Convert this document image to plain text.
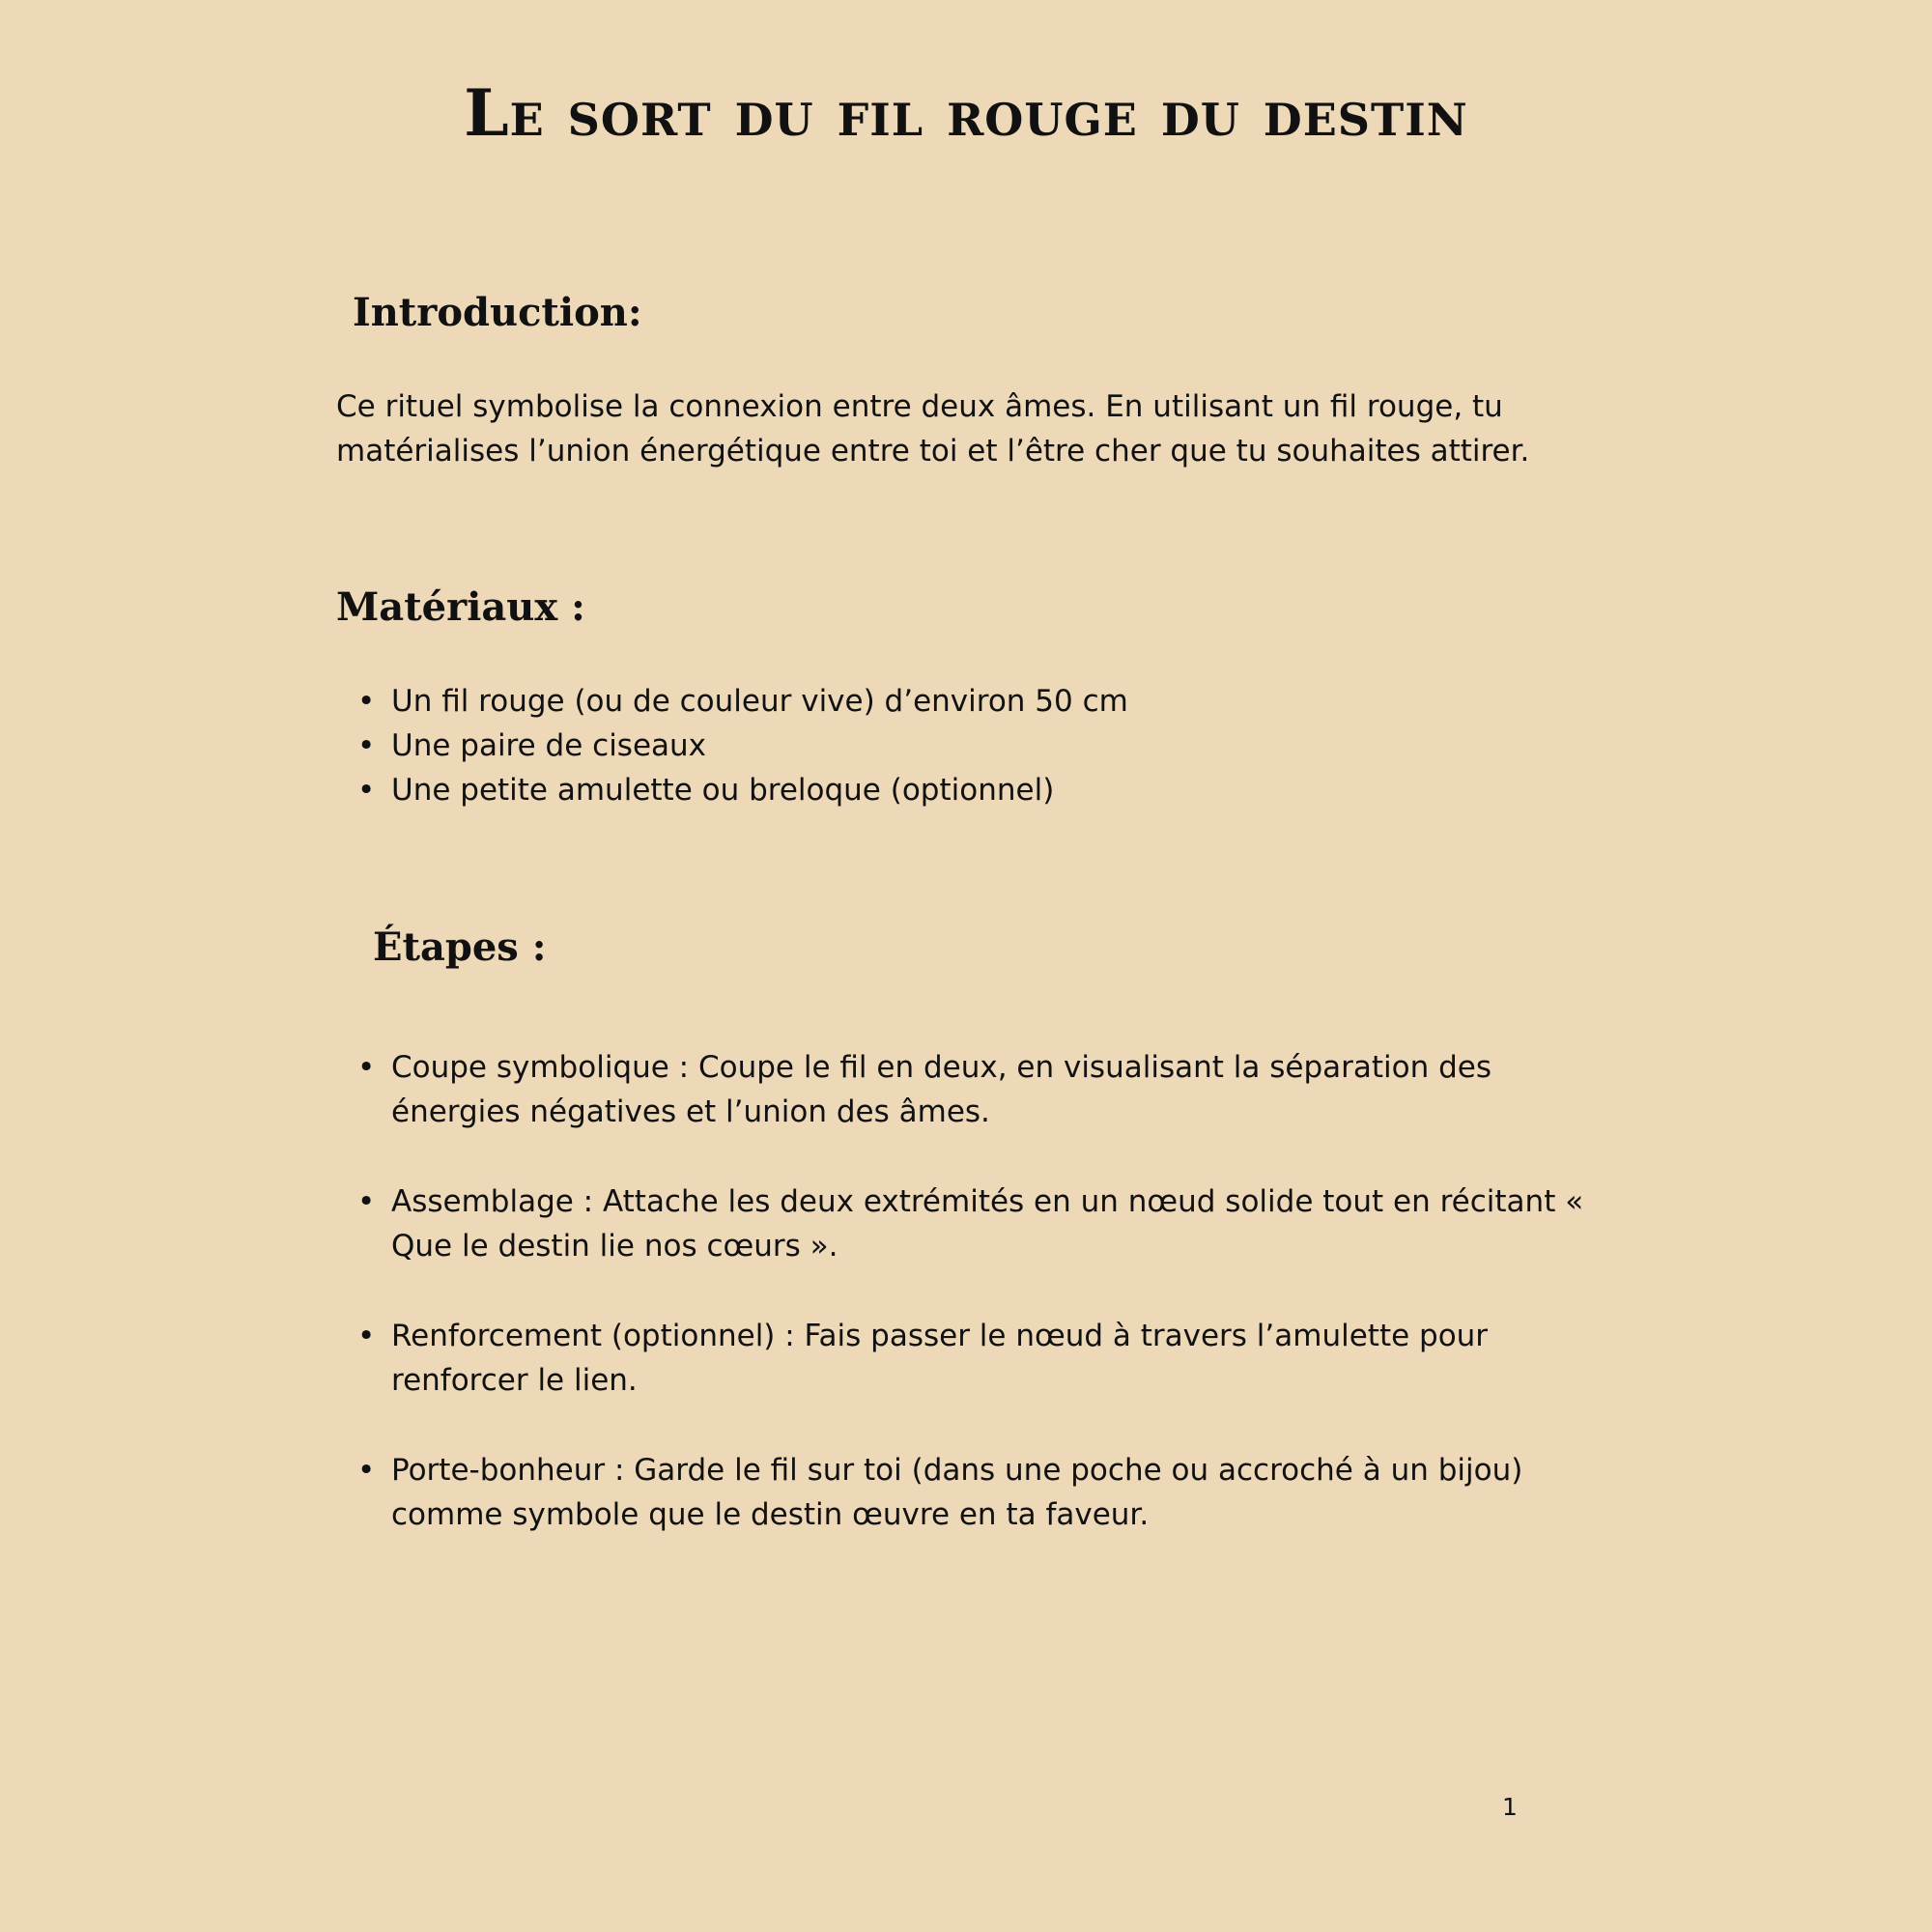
Le sort du fil rouge du destin
Introduction:

Ce rituel symbolise la connexion entre deux âmes. En utilisant un fil rouge, tu matérialises l’union énergétique entre toi et l’être cher que tu souhaites attirer.

Matériaux :
• Un fil rouge (ou de couleur vive) d’environ 50 cm
• Une paire de ciseaux
• Une petite amulette ou breloque (optionnel)
Étapes :
• Coupe symbolique : Coupe le fil en deux, en visualisant la séparation des énergies négatives et l’union des âmes.
• Assemblage : Attache les deux extrémités en un nœud solide tout en récitant « Que le destin lie nos cœurs ».
• Renforcement (optionnel) : Fais passer le nœud à travers l’amulette pour renforcer le lien.
• Porte-bonheur : Garde le fil sur toi (dans une poche ou accroché à un bijou) comme symbole que le destin œuvre en ta faveur.
1
